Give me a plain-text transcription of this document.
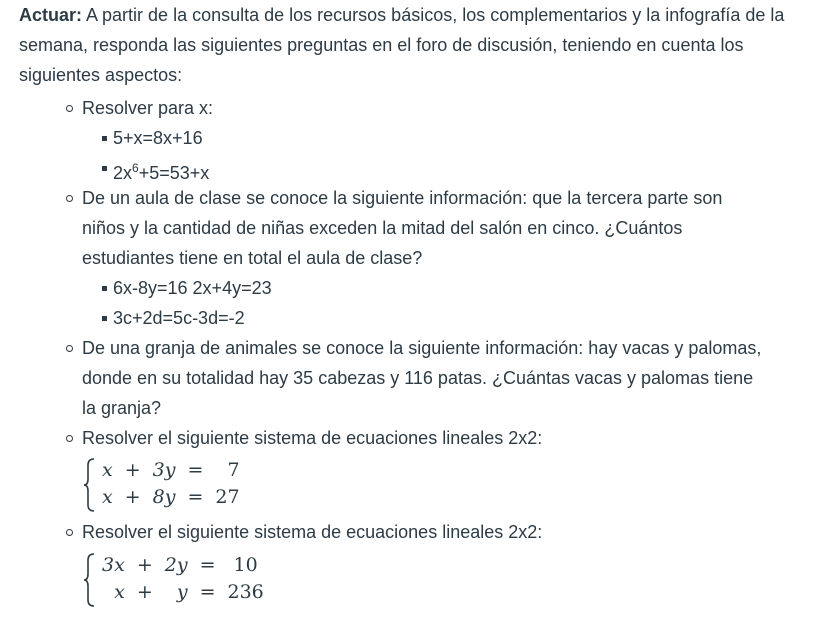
Actuar: A partir de la consulta de los recursos básicos, los complementarios y la infografía de la semana, responda las siguientes preguntas en el foro de discusión, teniendo en cuenta los siguientes aspectos:
Resolver para x:
5+x=8x+16
$2x^6+5=53+x$
De un aula de clase se conoce la siguiente información: que la tercera parte son niños y la cantidad de niñas exceden la mitad del salón en cinco. ¿Cuántos estudiantes tiene en total el aula de clase?
6x-8y=16 2x+4y=23
3c+2d=5c-3d=-2
De una granja de animales se conoce la siguiente información: hay vacas y palomas, donde en su totalidad hay 35 cabezas y 116 patas. ¿Cuántas vacas y palomas tiene la granja?
Resolver el siguiente sistema de ecuaciones lineales 2x2:
x	+	3y	=	7
x	+	8y	=	27
Resolver el siguiente sistema de ecuaciones lineales 2x2:
3x	+	2y	=	10
x	+	y	=	236
